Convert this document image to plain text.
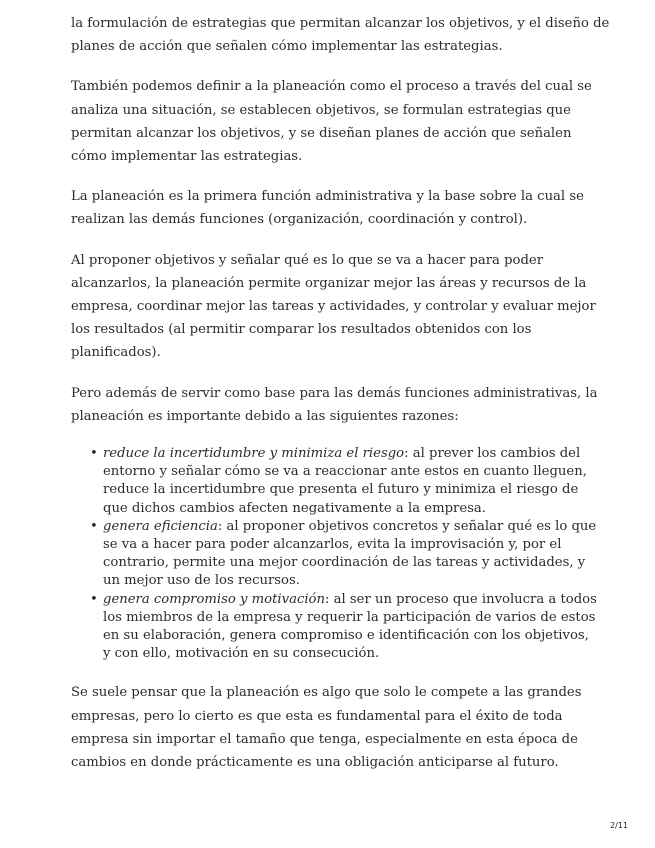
la formulación de estrategias que permitan alcanzar los objetivos, y el diseño de planes de acción que señalen cómo implementar las estrategias.

También podemos definir a la planeación como el proceso a través del cual se analiza una situación, se establecen objetivos, se formulan estrategias que permitan alcanzar los objetivos, y se diseñan planes de acción que señalen cómo implementar las estrategias.

La planeación es la primera función administrativa y la base sobre la cual se realizan las demás funciones (organización, coordinación y control).

Al proponer objetivos y señalar qué es lo que se va a hacer para poder alcanzarlos, la planeación permite organizar mejor las áreas y recursos de la empresa, coordinar mejor las tareas y actividades, y controlar y evaluar mejor los resultados (al permitir comparar los resultados obtenidos con los planificados).

Pero además de servir como base para las demás funciones administrativas, la planeación es importante debido a las siguientes razones:

• reduce la incertidumbre y minimiza el riesgo: al prever los cambios del entorno y señalar cómo se va a reaccionar ante estos en cuanto lleguen, reduce la incertidumbre que presenta el futuro y minimiza el riesgo de que dichos cambios afecten negativamente a la empresa.
• genera eficiencia: al proponer objetivos concretos y señalar qué es lo que se va a hacer para poder alcanzarlos, evita la improvisación y, por el contrario, permite una mejor coordinación de las tareas y actividades, y un mejor uso de los recursos.
• genera compromiso y motivación: al ser un proceso que involucra a todos los miembros de la empresa y requerir la participación de varios de estos en su elaboración, genera compromiso e identificación con los objetivos, y con ello, motivación en su consecución.

Se suele pensar que la planeación es algo que solo le compete a las grandes empresas, pero lo cierto es que esta es fundamental para el éxito de toda empresa sin importar el tamaño que tenga, especialmente en esta época de cambios en donde prácticamente es una obligación anticiparse al futuro.

2/11
